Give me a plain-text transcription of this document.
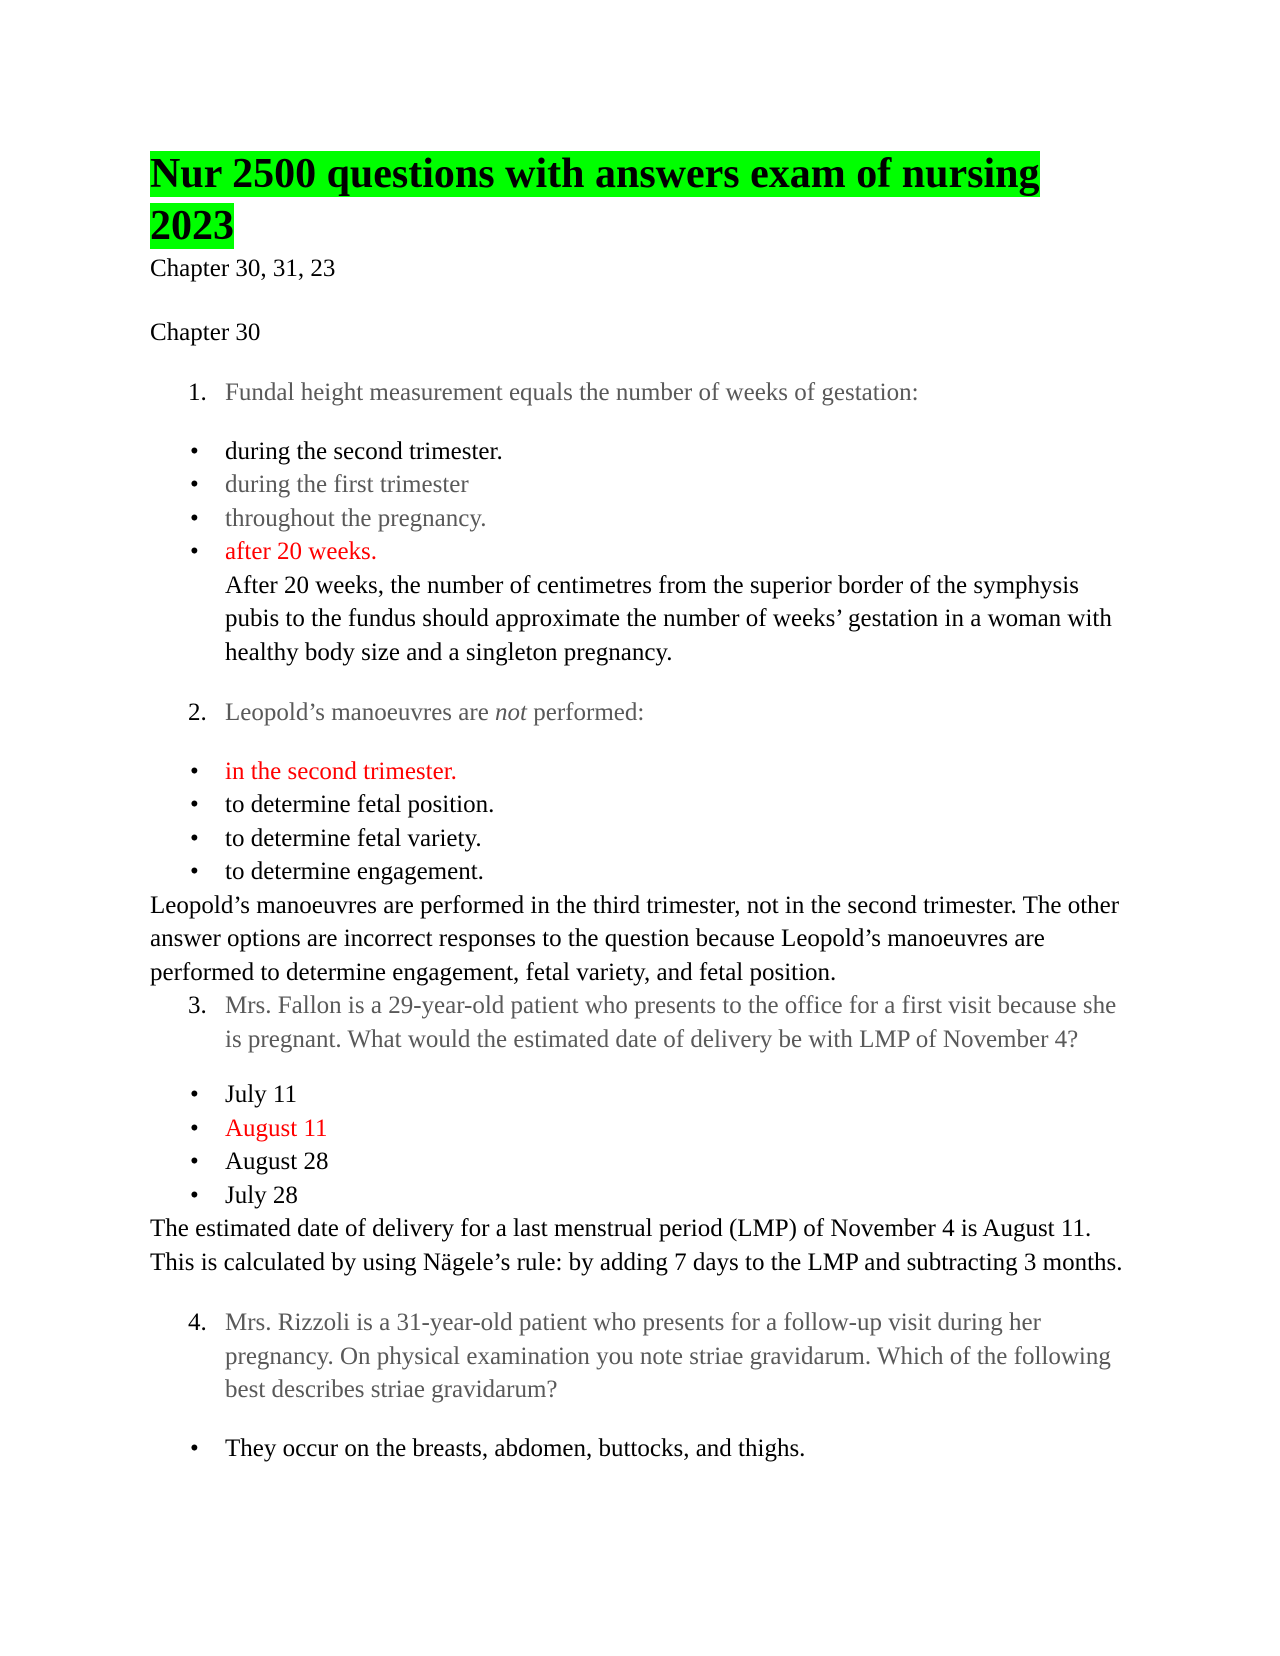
Nur 2500 questions with answers exam of nursing 2023

Chapter 30, 31, 23

Chapter 30

1. Fundal height measurement equals the number of weeks of gestation:
• during the second trimester.
• during the first trimester
• throughout the pregnancy.
• after 20 weeks.

After 20 weeks, the number of centimetres from the superior border of the symphysis pubis to the fundus should approximate the number of weeks’ gestation in a woman with healthy body size and a singleton pregnancy.

2. Leopold’s manoeuvres are not performed:
• in the second trimester.
• to determine fetal position.
• to determine fetal variety.
• to determine engagement.

Leopold’s manoeuvres are performed in the third trimester, not in the second trimester. The other answer options are incorrect responses to the question because Leopold’s manoeuvres are performed to determine engagement, fetal variety, and fetal position.

3. Mrs. Fallon is a 29-year-old patient who presents to the office for a first visit because she is pregnant. What would the estimated date of delivery be with LMP of November 4?
• July 11
• August 11
• August 28
• July 28

The estimated date of delivery for a last menstrual period (LMP) of November 4 is August 11. This is calculated by using Nägele’s rule: by adding 7 days to the LMP and subtracting 3 months.

4. Mrs. Rizzoli is a 31-year-old patient who presents for a follow-up visit during her pregnancy. On physical examination you note striae gravidarum. Which of the following best describes striae gravidarum?
• They occur on the breasts, abdomen, buttocks, and thighs.
